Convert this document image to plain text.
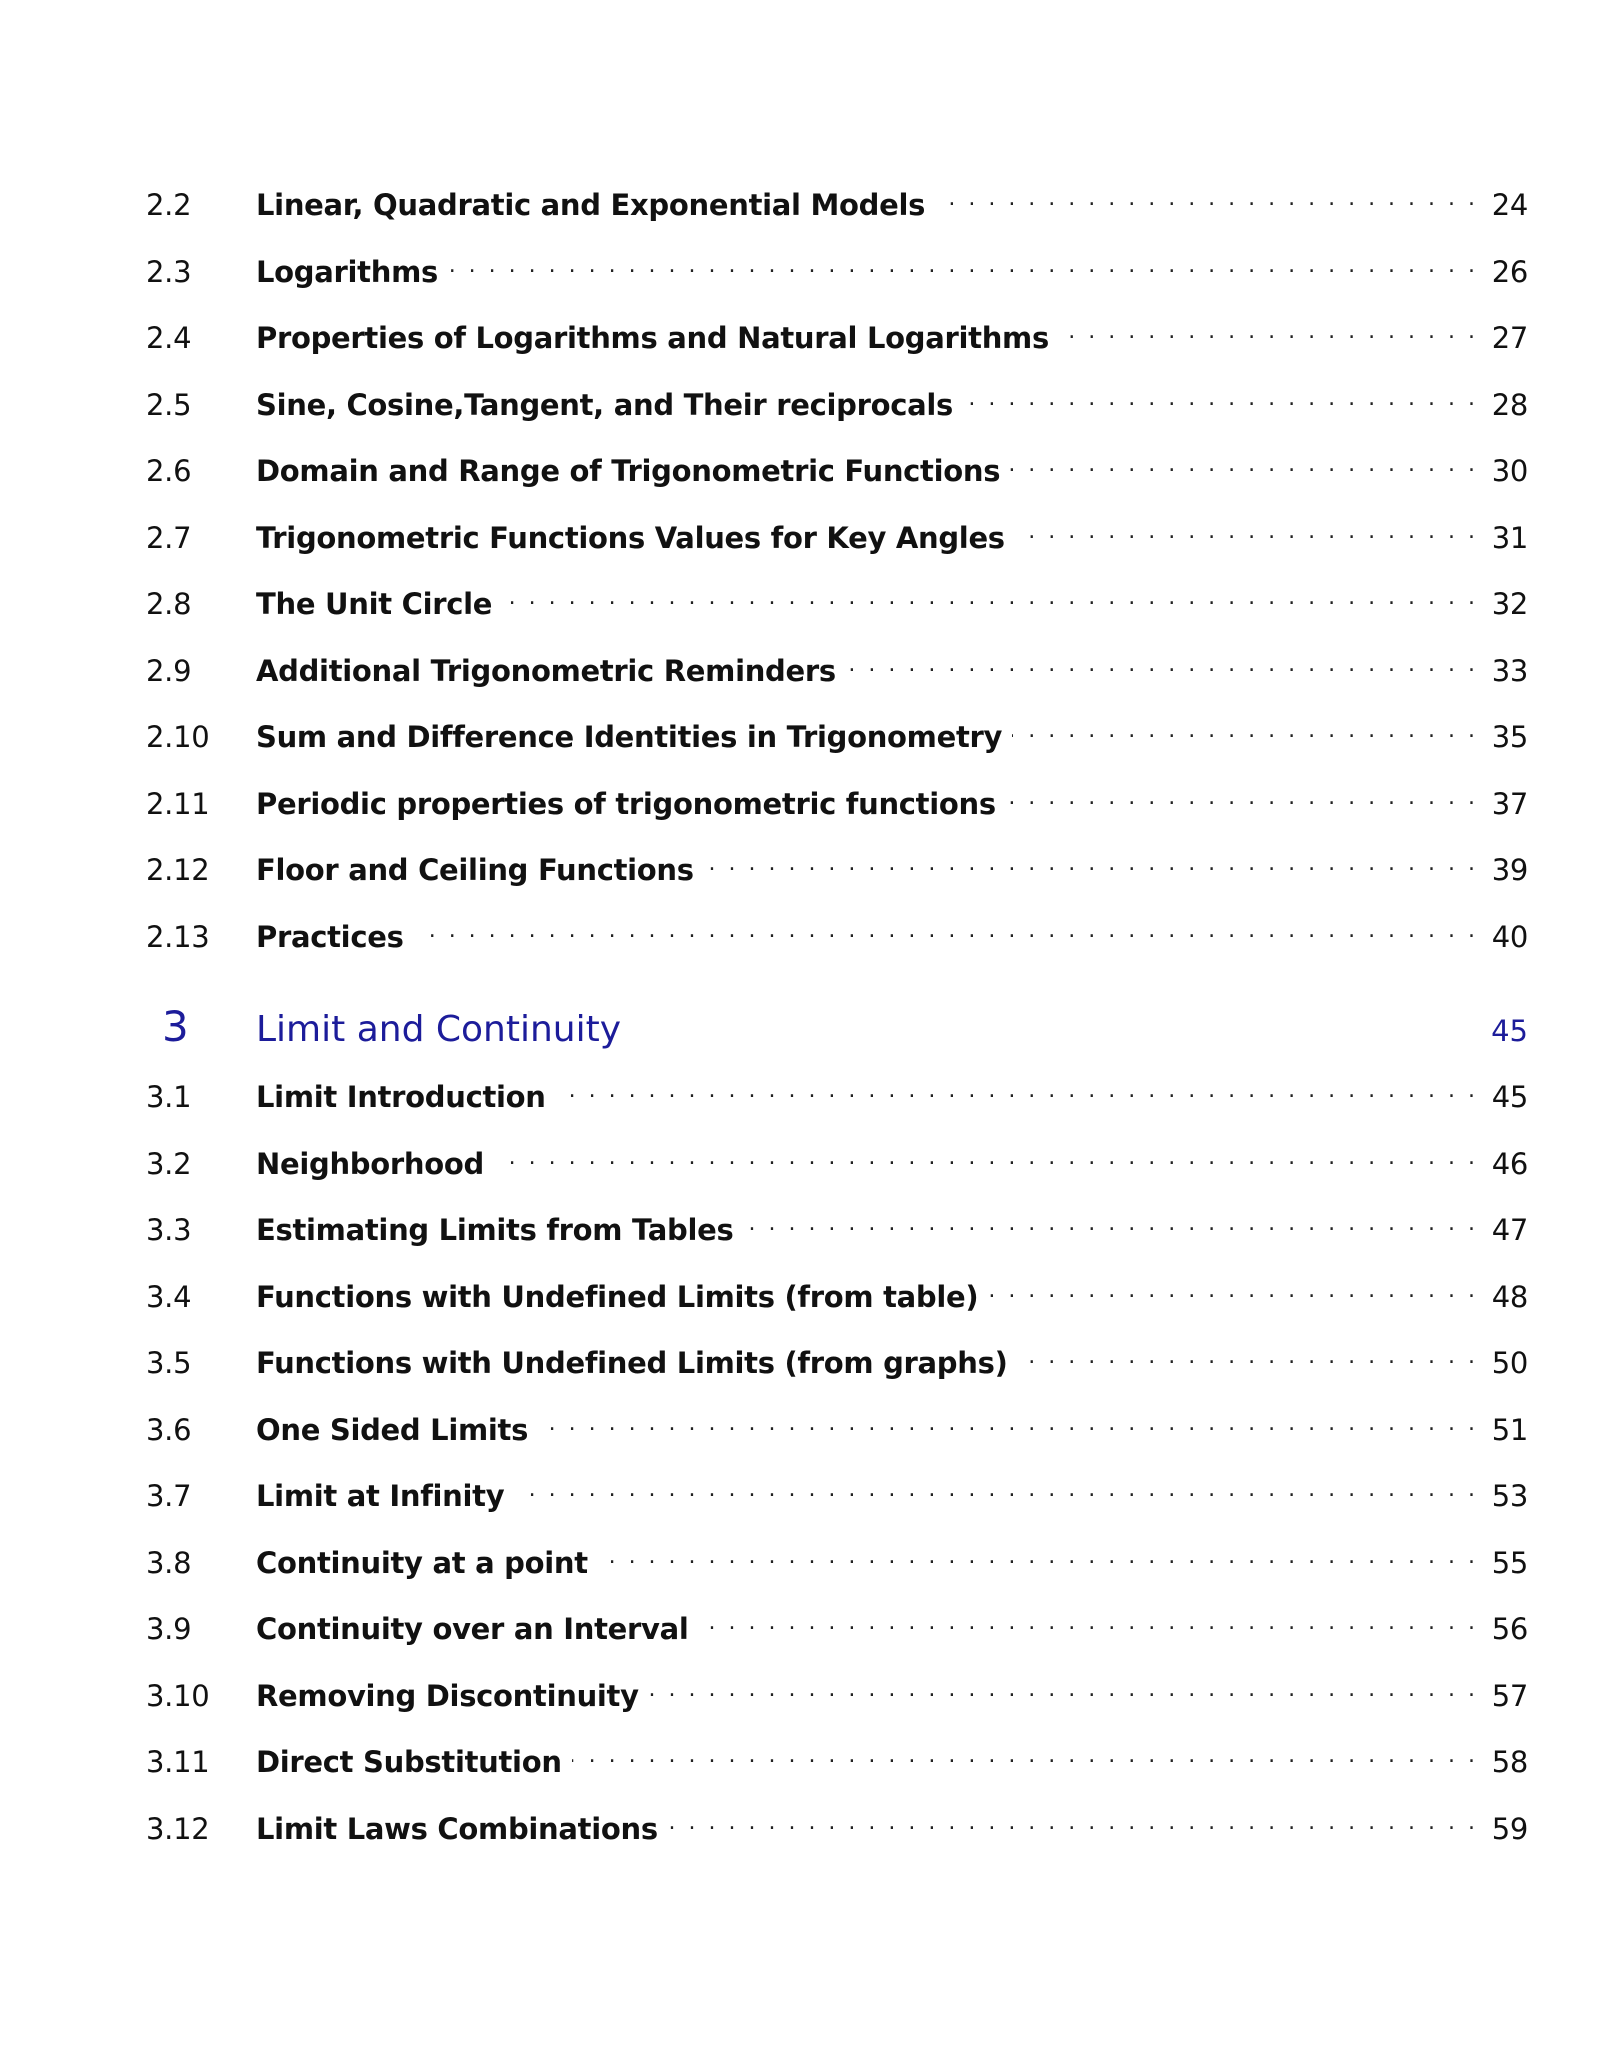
2.2	Linear, Quadratic and Exponential Models . . .	24
2.3	Logarithms . . .	26
2.4	Properties of Logarithms and Natural Logarithms . . .	27
2.5	Sine, Cosine,Tangent, and Their reciprocals . . .	28
2.6	Domain and Range of Trigonometric Functions . . .	30
2.7	Trigonometric Functions Values for Key Angles . . .	31
2.8	The Unit Circle . . .	32
2.9	Additional Trigonometric Reminders . . .	33
2.10	Sum and Difference Identities in Trigonometry . . .	35
2.11	Periodic properties of trigonometric functions . . .	37
2.12	Floor and Ceiling Functions . . .	39
2.13	Practices . . .	40
3	Limit and Continuity . . .	45
3.1	Limit Introduction . . .	45
3.2	Neighborhood . . .	46
3.3	Estimating Limits from Tables . . .	47
3.4	Functions with Undefined Limits (from table) . . .	48
3.5	Functions with Undefined Limits (from graphs) . . .	50
3.6	One Sided Limits . . .	51
3.7	Limit at Infinity . . .	53
3.8	Continuity at a point . . .	55
3.9	Continuity over an Interval . . .	56
3.10	Removing Discontinuity . . .	57
3.11	Direct Substitution . . .	58
3.12	Limit Laws Combinations . . .	59
